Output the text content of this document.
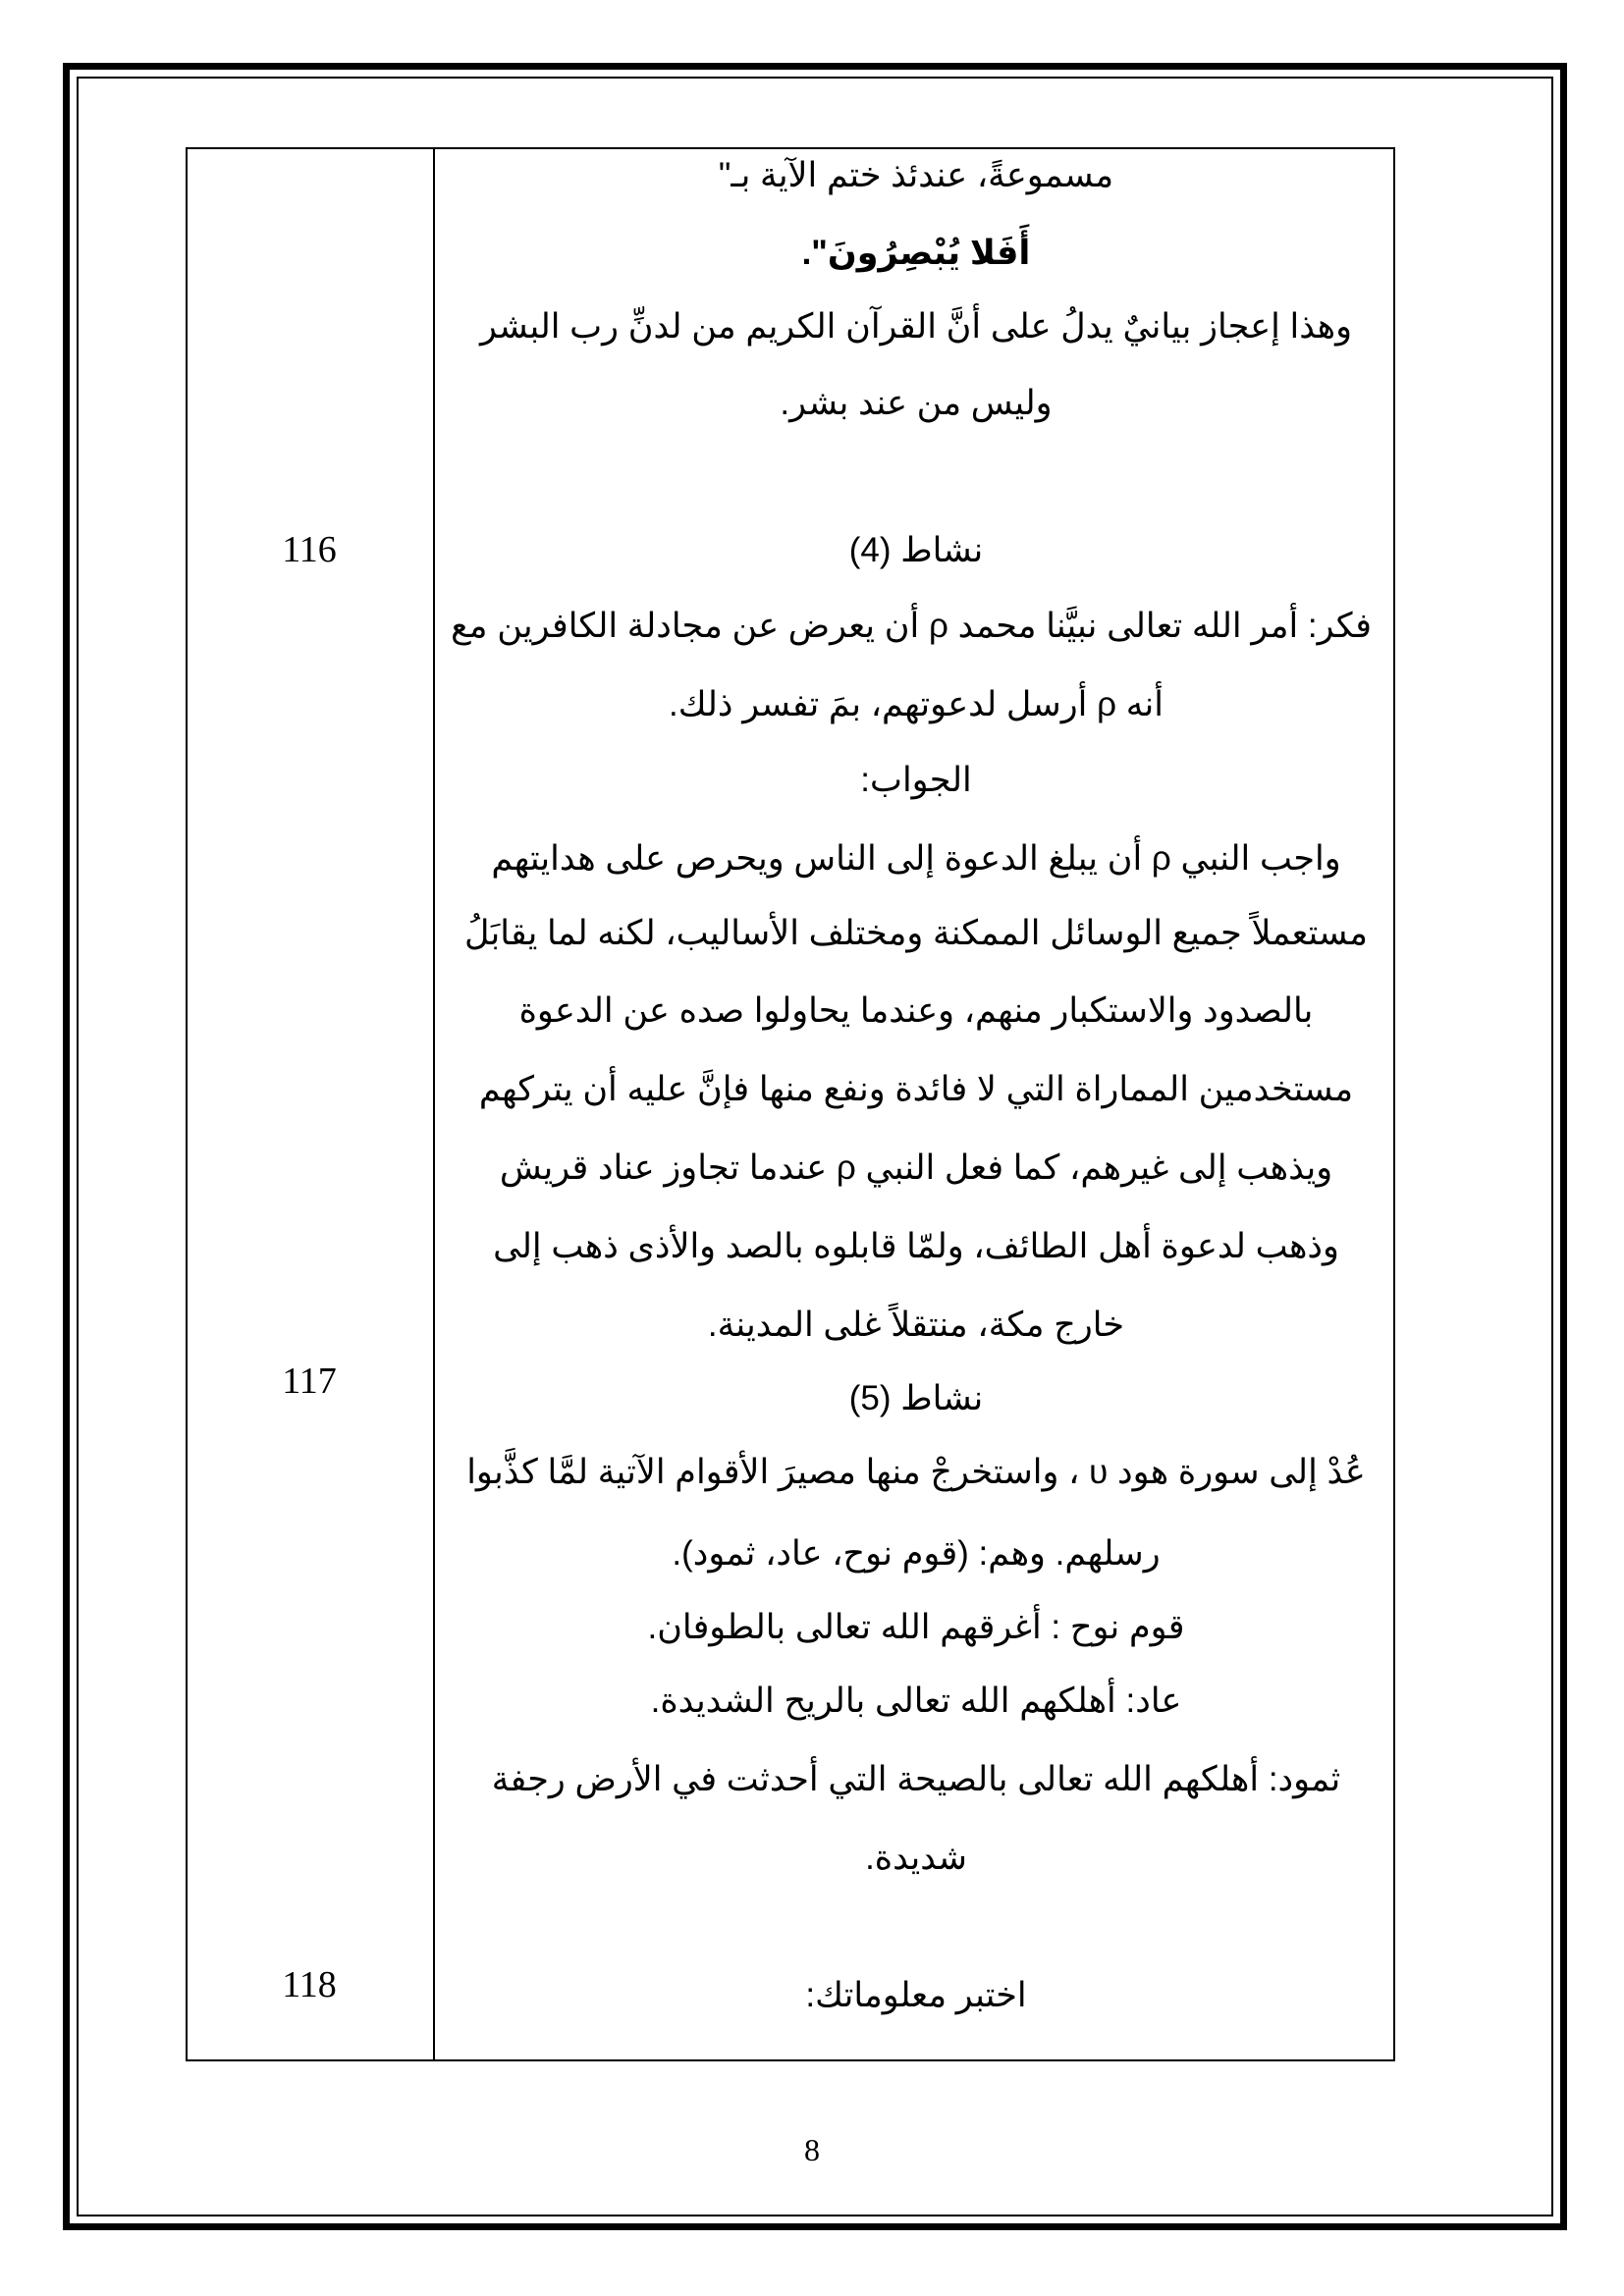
116
117
118
مسموعةً، عندئذ ختم الآية بـ"
أَفَلا يُبْصِرُونَ".
وهذا إعجاز بيانيٌ يدلُ على أنَّ القرآن الكريم من لدنِّ رب البشر
وليس من عند بشر.
نشاط (4)
فكر: أمر الله تعالى نبيَّنا محمد ρ أن يعرض عن مجادلة الكافرين مع
أنه ρ أرسل لدعوتهم، بمَ تفسر ذلك.
الجواب:
واجب النبي ρ أن يبلغ الدعوة إلى الناس ويحرص على هدايتهم
مستعملاً جميع الوسائل الممكنة ومختلف الأساليب، لكنه لما يقابَلُ
بالصدود والاستكبار منهم، وعندما يحاولوا صده عن الدعوة
مستخدمين المماراة التي لا فائدة ونفع منها فإنَّ عليه أن يتركهم
ويذهب إلى غيرهم، كما فعل النبي ρ عندما تجاوز عناد قريش
وذهب لدعوة أهل الطائف، ولمّا قابلوه بالصد والأذى ذهب إلى
خارج مكة، منتقلاً غلى المدينة.
نشاط (5)
عُدْ إلى سورة هود υ ، واستخرجْ منها مصيرَ الأقوام الآتية لمَّا كذَّبوا
رسلهم. وهم: (قوم نوح، عاد، ثمود).
قوم نوح : أغرقهم الله تعالى بالطوفان.
عاد: أهلكهم الله تعالى بالريح الشديدة.
ثمود: أهلكهم الله تعالى بالصيحة التي أحدثت في الأرض رجفة
شديدة.
اختبر معلوماتك:
8
